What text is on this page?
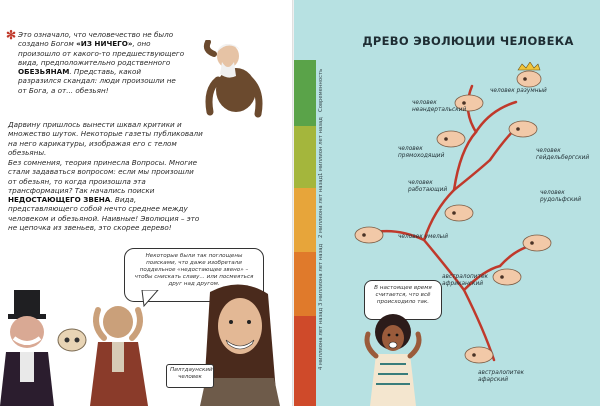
✻ Это означало, что человечество не было создано Богом «ИЗ НИЧЕГО», оно произошло от какого-то предшествующего вида, предположительно родственного ОБЕЗЬЯНАМ. Представь, какой разразился скандал: люди произошли не от Бога, а от... обезьян!

Дарвину пришлось вынести шквал критики и множество шуток. Некоторые газеты публиковали на него карикатуры, изображая его с телом обезьяны.

Без сомнения, теория принесла Вопросы. Многие стали задаваться вопросом: если мы произошли от обезьян, то когда произошла эта трансформация? Так начались поиски НЕДОСТАЮЩЕГО ЗВЕНА. Вида, представляющего собой нечто среднее между человеком и обезьяной. Наивные! Эволюция – это не цепочка из звеньев, это скорее дерево!

Некоторые были так поглощены поисками, что даже изобретали поддельное «недостающее звено» – чтобы снискать славу... или посмеяться друг над другом.
Пилтдаунский человек
ДРЕВО ЭВОЛЮЦИИ ЧЕЛОВЕКА
Современность
1 миллион лет назад
2 миллиона лет назад
3 миллиона лет назад
4 миллиона лет назад
человек разумный
человек неандертальский
человек прямоходящий
человек гейдельбергский
человек работающий	человек рудольфский
человек умелый
австралопитек африканский
австралопитек афарский
В настоящее время считается, что всё происходило так.
